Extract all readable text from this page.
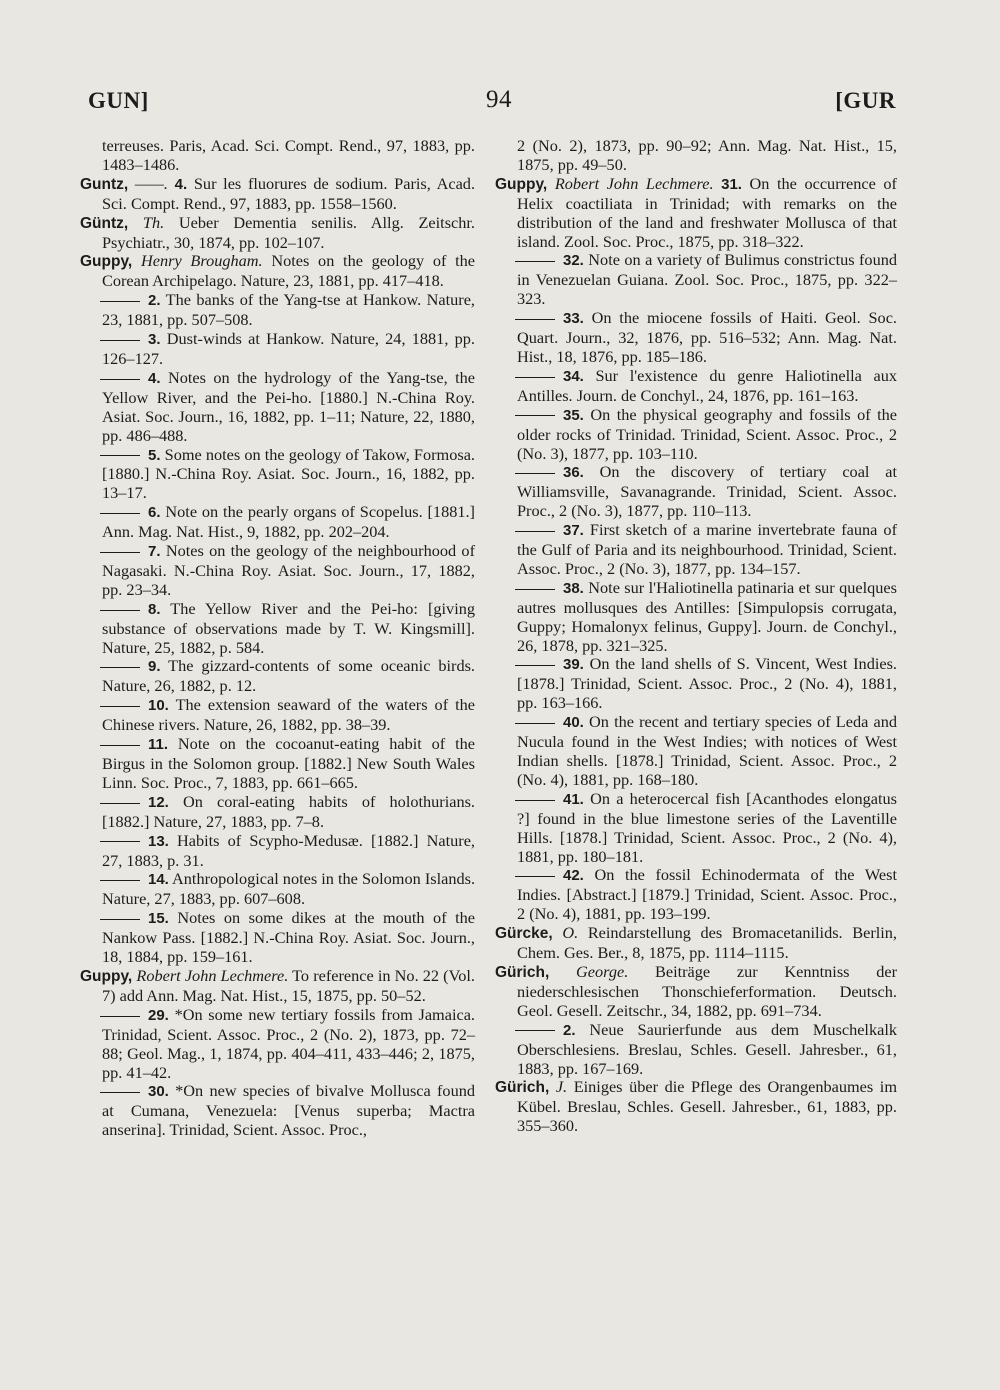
GUN]	94	[GUR

terreuses. Paris, Acad. Sci. Compt. Rend., 97, 1883, pp. 1483–1486.

Guntz, ——. 4. Sur les fluorures de sodium. Paris, Acad. Sci. Compt. Rend., 97, 1883, pp. 1558–1560.

Güntz, Th. Ueber Dementia senilis. Allg. Zeitschr. Psychiatr., 30, 1874, pp. 102–107.

Guppy, Henry Brougham. Notes on the geology of the Corean Archipelago. Nature, 23, 1881, pp. 417–418.

2. The banks of the Yang-tse at Hankow. Nature, 23, 1881, pp. 507–508.

3. Dust-winds at Hankow. Nature, 24, 1881, pp. 126–127.

4. Notes on the hydrology of the Yang-tse, the Yellow River, and the Pei-ho. [1880.] N.-China Roy. Asiat. Soc. Journ., 16, 1882, pp. 1–11; Nature, 22, 1880, pp. 486–488.

5. Some notes on the geology of Takow, Formosa. [1880.] N.-China Roy. Asiat. Soc. Journ., 16, 1882, pp. 13–17.

6. Note on the pearly organs of Scopelus. [1881.] Ann. Mag. Nat. Hist., 9, 1882, pp. 202–204.

7. Notes on the geology of the neighbourhood of Nagasaki. N.-China Roy. Asiat. Soc. Journ., 17, 1882, pp. 23–34.

8. The Yellow River and the Pei-ho: [giving substance of observations made by T. W. Kingsmill]. Nature, 25, 1882, p. 584.

9. The gizzard-contents of some oceanic birds. Nature, 26, 1882, p. 12.

10. The extension seaward of the waters of the Chinese rivers. Nature, 26, 1882, pp. 38–39.

11. Note on the cocoanut-eating habit of the Birgus in the Solomon group. [1882.] New South Wales Linn. Soc. Proc., 7, 1883, pp. 661–665.

12. On coral-eating habits of holothurians. [1882.] Nature, 27, 1883, pp. 7–8.

13. Habits of Scypho-Medusæ. [1882.] Nature, 27, 1883, p. 31.

14. Anthropological notes in the Solomon Islands. Nature, 27, 1883, pp. 607–608.

15. Notes on some dikes at the mouth of the Nankow Pass. [1882.] N.-China Roy. Asiat. Soc. Journ., 18, 1884, pp. 159–161.

Guppy, Robert John Lechmere. To reference in No. 22 (Vol. 7) add Ann. Mag. Nat. Hist., 15, 1875, pp. 50–52.

29. *On some new tertiary fossils from Jamaica. Trinidad, Scient. Assoc. Proc., 2 (No. 2), 1873, pp. 72–88; Geol. Mag., 1, 1874, pp. 404–411, 433–446; 2, 1875, pp. 41–42.

30. *On new species of bivalve Mollusca found at Cumana, Venezuela: [Venus superba; Mactra anserina]. Trinidad, Scient. Assoc. Proc.,

2 (No. 2), 1873, pp. 90–92; Ann. Mag. Nat. Hist., 15, 1875, pp. 49–50.

Guppy, Robert John Lechmere. 31. On the occurrence of Helix coactiliata in Trinidad; with remarks on the distribution of the land and freshwater Mollusca of that island. Zool. Soc. Proc., 1875, pp. 318–322.

32. Note on a variety of Bulimus constrictus found in Venezuelan Guiana. Zool. Soc. Proc., 1875, pp. 322–323.

33. On the miocene fossils of Haiti. Geol. Soc. Quart. Journ., 32, 1876, pp. 516–532; Ann. Mag. Nat. Hist., 18, 1876, pp. 185–186.

34. Sur l'existence du genre Haliotinella aux Antilles. Journ. de Conchyl., 24, 1876, pp. 161–163.

35. On the physical geography and fossils of the older rocks of Trinidad. Trinidad, Scient. Assoc. Proc., 2 (No. 3), 1877, pp. 103–110.

36. On the discovery of tertiary coal at Williamsville, Savanagrande. Trinidad, Scient. Assoc. Proc., 2 (No. 3), 1877, pp. 110–113.

37. First sketch of a marine invertebrate fauna of the Gulf of Paria and its neighbourhood. Trinidad, Scient. Assoc. Proc., 2 (No. 3), 1877, pp. 134–157.

38. Note sur l'Haliotinella patinaria et sur quelques autres mollusques des Antilles: [Simpulopsis corrugata, Guppy; Homalonyx felinus, Guppy]. Journ. de Conchyl., 26, 1878, pp. 321–325.

39. On the land shells of S. Vincent, West Indies. [1878.] Trinidad, Scient. Assoc. Proc., 2 (No. 4), 1881, pp. 163–166.

40. On the recent and tertiary species of Leda and Nucula found in the West Indies; with notices of West Indian shells. [1878.] Trinidad, Scient. Assoc. Proc., 2 (No. 4), 1881, pp. 168–180.

41. On a heterocercal fish [Acanthodes elongatus ?] found in the blue limestone series of the Laventille Hills. [1878.] Trinidad, Scient. Assoc. Proc., 2 (No. 4), 1881, pp. 180–181.

42. On the fossil Echinodermata of the West Indies. [Abstract.] [1879.] Trinidad, Scient. Assoc. Proc., 2 (No. 4), 1881, pp. 193–199.

Gürcke, O. Reindarstellung des Bromacetanilids. Berlin, Chem. Ges. Ber., 8, 1875, pp. 1114–1115.

Gürich, George. Beiträge zur Kenntniss der niederschlesischen Thonschieferformation. Deutsch. Geol. Gesell. Zeitschr., 34, 1882, pp. 691–734.

2. Neue Saurierfunde aus dem Muschelkalk Oberschlesiens. Breslau, Schles. Gesell. Jahresber., 61, 1883, pp. 167–169.

Gürich, J. Einiges über die Pflege des Orangenbaumes im Kübel. Breslau, Schles. Gesell. Jahresber., 61, 1883, pp. 355–360.
